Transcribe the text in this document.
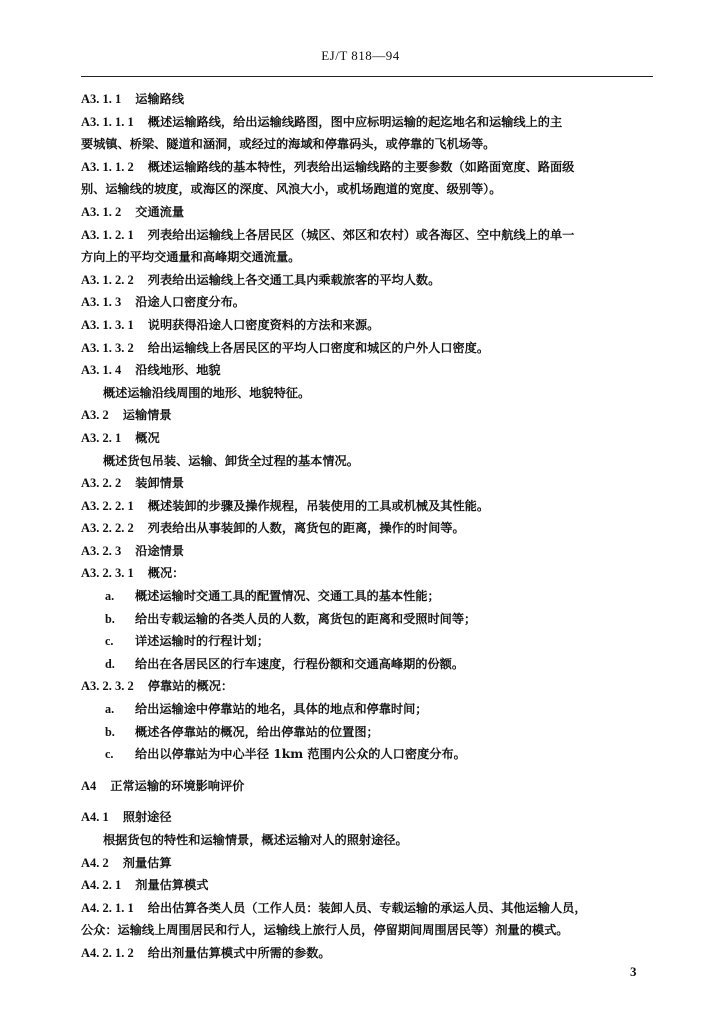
EJ/T 818—94
A3. 1. 1 运输路线
A3. 1. 1. 1 概述运输路线，给出运输线路图，图中应标明运输的起迄地名和运输线上的主
要城镇、桥梁、隧道和涵洞，或经过的海域和停靠码头，或停靠的飞机场等。
A3. 1. 1. 2 概述运输路线的基本特性，列表给出运输线路的主要参数（如路面宽度、路面级
别、运输线的坡度，或海区的深度、风浪大小，或机场跑道的宽度、级别等）。
A3. 1. 2 交通流量
A3. 1. 2. 1 列表给出运输线上各居民区（城区、郊区和农村）或各海区、空中航线上的单一
方向上的平均交通量和高峰期交通流量。
A3. 1. 2. 2 列表给出运输线上各交通工具内乘载旅客的平均人数。
A3. 1. 3 沿途人口密度分布。
A3. 1. 3. 1 说明获得沿途人口密度资料的方法和来源。
A3. 1. 3. 2 给出运输线上各居民区的平均人口密度和城区的户外人口密度。
A3. 1. 4 沿线地形、地貌
概述运输沿线周围的地形、地貌特征。
A3. 2 运输情景
A3. 2. 1 概况
概述货包吊装、运输、卸货全过程的基本情况。
A3. 2. 2 装卸情景
A3. 2. 2. 1 概述装卸的步骤及操作规程，吊装使用的工具或机械及其性能。
A3. 2. 2. 2 列表给出从事装卸的人数，离货包的距离，操作的时间等。
A3. 2. 3 沿途情景
A3. 2. 3. 1 概况：
a. 概述运输时交通工具的配置情况、交通工具的基本性能；
b. 给出专载运输的各类人员的人数，离货包的距离和受照时间等；
c. 详述运输时的行程计划；
d. 给出在各居民区的行车速度，行程份额和交通高峰期的份额。
A3. 2. 3. 2 停靠站的概况：
a. 给出运输途中停靠站的地名，具体的地点和停靠时间；
b. 概述各停靠站的概况，给出停靠站的位置图；
c. 给出以停靠站为中心半径 1km 范围内公众的人口密度分布。
A4 正常运输的环境影响评价
A4. 1 照射途径
根据货包的特性和运输情景，概述运输对人的照射途径。
A4. 2 剂量估算
A4. 2. 1 剂量估算模式
A4. 2. 1. 1 给出估算各类人员（工作人员：装卸人员、专载运输的承运人员、其他运输人员，
公众：运输线上周围居民和行人，运输线上旅行人员，停留期间周围居民等）剂量的模式。
A4. 2. 1. 2 给出剂量估算模式中所需的参数。
3
